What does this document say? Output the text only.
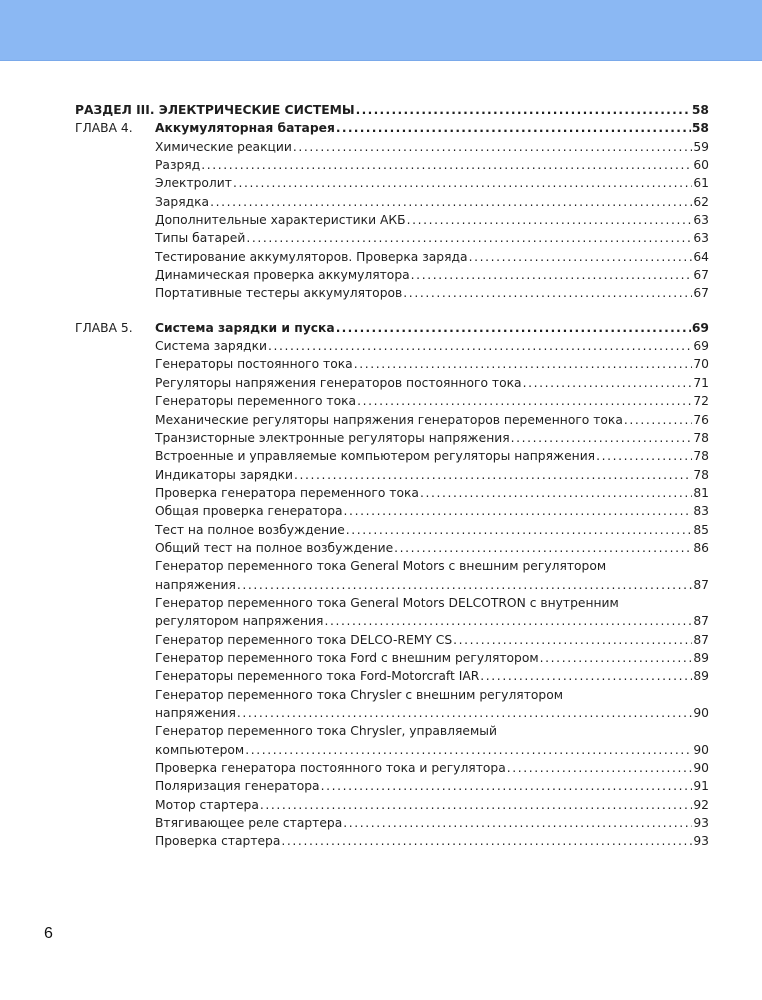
РАЗДЕЛ III. ЭЛЕКТРИЧЕСКИЕ СИСТЕМЫ .....	58
ГЛАВА 4.	Аккумуляторная батарея .....	58
Химические реакции .....	59
Разряд .....	60
Электролит .....	61
Зарядка .....	62
Дополнительные характеристики АКБ .....	63
Типы батарей .....	63
Тестирование аккумуляторов. Проверка заряда .....	64
Динамическая проверка аккумулятора .....	67
Портативные тестеры аккумуляторов .....	67
ГЛАВА 5.	Система зарядки и пуска .....	69
Система зарядки .....	69
Генераторы постоянного тока .....	70
Регуляторы напряжения генераторов постоянного тока .....	71
Генераторы переменного тока .....	72
Механические регуляторы напряжения генераторов переменного тока .....	76
Транзисторные электронные регуляторы напряжения .....	78
Встроенные и управляемые компьютером регуляторы напряжения .....	78
Индикаторы зарядки .....	78
Проверка генератора переменного тока .....	81
Общая проверка генератора .....	83
Тест на полное возбуждение .....	85
Общий тест на полное возбуждение .....	86
Генератор переменного тока General Motors с внешним регулятором
напряжения .....	87
Генератор переменного тока General Motors DELCOTRON с внутренним
регулятором напряжения .....	87
Генератор переменного тока DELCO-REMY CS .....	87
Генератор переменного тока Ford с внешним регулятором .....	89
Генераторы переменного тока Ford-Motorcraft IAR .....	89
Генератор переменного тока Chrysler с внешним регулятором
напряжения .....	90
Генератор переменного тока Chrysler, управляемый
компьютером .....	90
Проверка генератора постоянного тока и регулятора .....	90
Поляризация генератора .....	91
Мотор стартера .....	92
Втягивающее реле стартера .....	93
Проверка стартера .....	93
6
